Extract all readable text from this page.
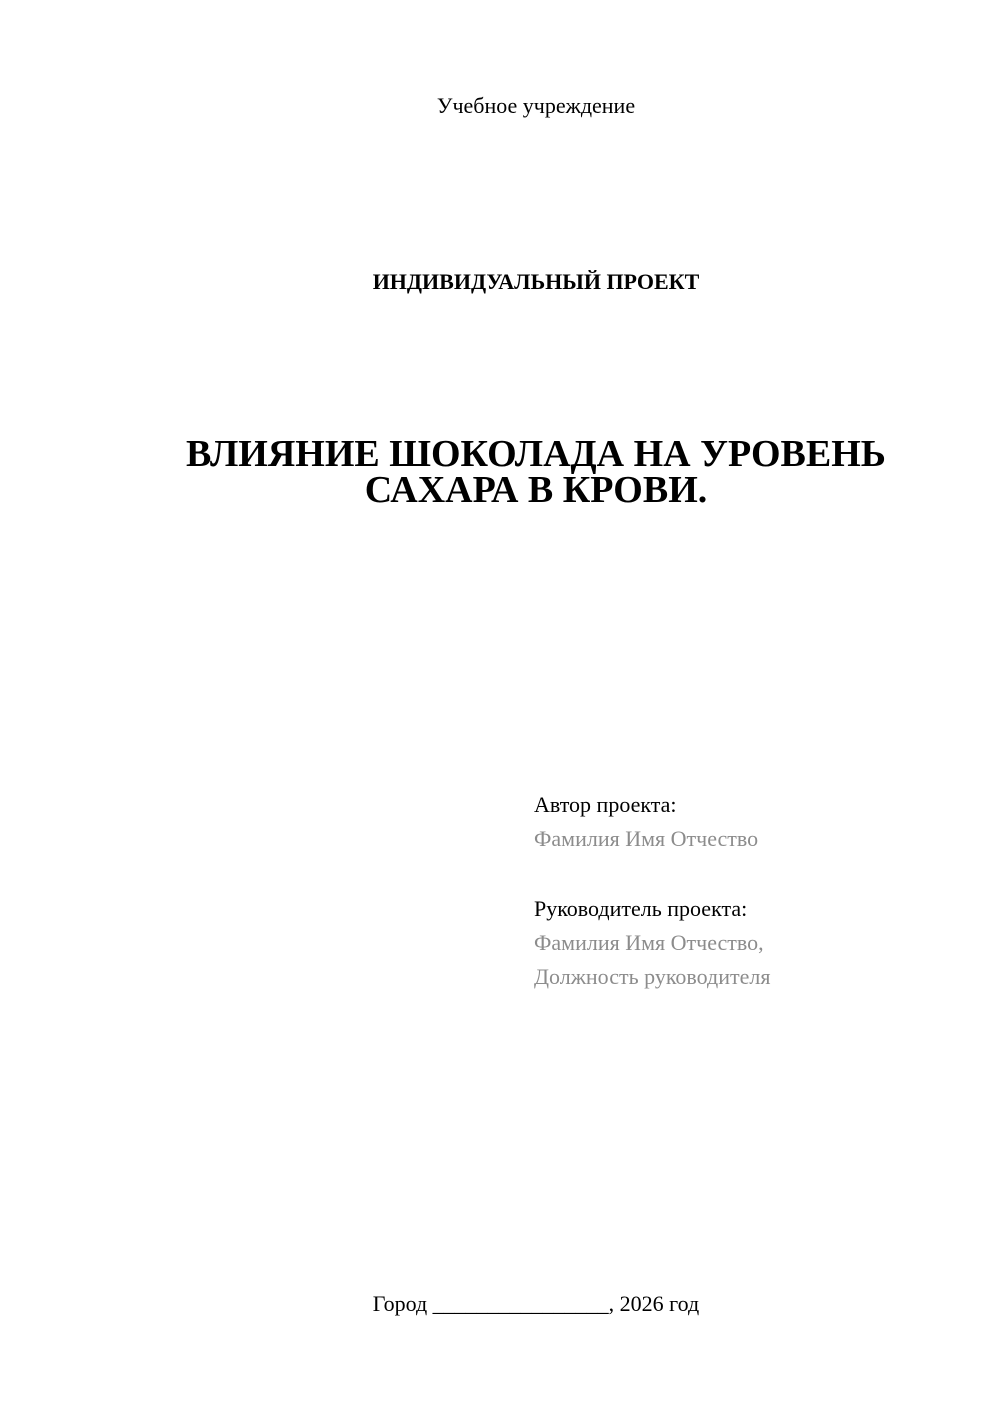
Учебное учреждение
ИНДИВИДУАЛЬНЫЙ ПРОЕКТ
ВЛИЯНИЕ ШОКОЛАДА НА УРОВЕНЬ
САХАРА В КРОВИ.
Автор проекта:
Фамилия Имя Отчество
Руководитель проекта:
Фамилия Имя Отчество,
Должность руководителя
Город ________________, 2026 год
